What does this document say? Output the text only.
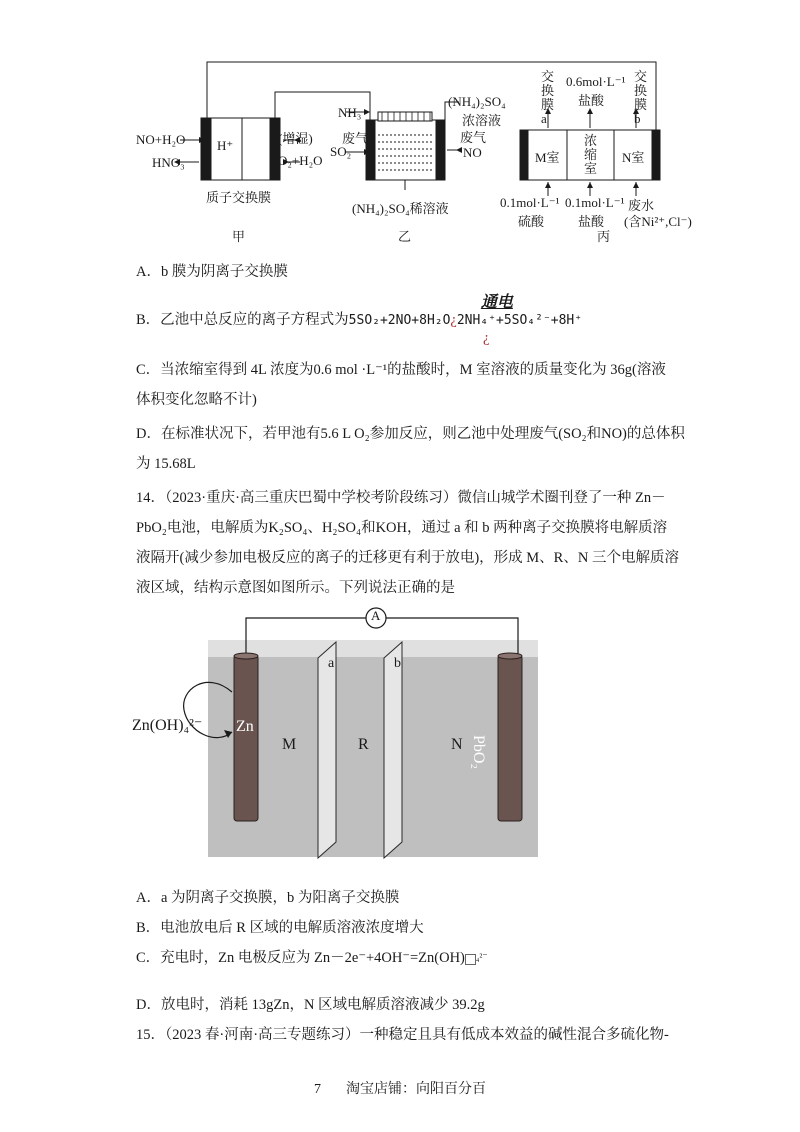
NO+H₂O
HNO₃
H⁺	(增湿)
O₂+H₂O
质子交换膜
甲
NH₃
废气
SO₂
(NH₄)₂SO₄
浓溶液
废气
NO
(NH₄)₂SO₄稀溶液
乙
交
换
膜
a
0.6mol·L⁻¹
盐酸
交
换
膜
b
M室
浓
缩
室
N室
0.1mol·L⁻¹
硫酸
0.1mol·L⁻¹
盐酸
废水
(含Ni²⁺,Cl⁻)
丙
A．b 膜为阴离子交换膜
B．乙池中总反应的离子方程式为5SO₂+2NO+8H₂O¿
通电
2NH₄⁺+5SO₄²⁻+8H⁺
¿
C．当浓缩室得到 4L 浓度为0.6 mol ·L⁻¹的盐酸时，M 室溶液的质量变化为 36g(溶液
体积变化忽略不计)
D．在标准状况下，若甲池有5.6 L O₂参加反应，则乙池中处理废气(SO₂和NO)的总体积
为 15.68L
14．（2023·重庆·高三重庆巴蜀中学校考阶段练习）微信山城学术圈刊登了一种 Zn－
PbO₂电池，电解质为K₂SO₄、H₂SO₄和KOH，通过 a 和 b 两种离子交换膜将电解质溶
液隔开(减少参加电极反应的离子的迁移更有利于放电)，形成 M、R、N 三个电解质溶
液区域，结构示意图如图所示。下列说法正确的是
A
Zn(OH)₄²⁻ Zn
a	b
M	R	N PbO₂
A．a 为阴离子交换膜，b 为阳离子交换膜
B．电池放电后 R 区域的电解质溶液浓度增大
C．充电时，Zn 电极反应为 Zn－2e⁻+4OH⁻=Zn(OH) ₄²⁻
D．放电时，消耗 13gZn，N 区域电解质溶液减少 39.2g
15．（2023 春·河南·高三专题练习）一种稳定且具有低成本效益的碱性混合多硫化物-
7 淘宝店铺：向阳百分百
